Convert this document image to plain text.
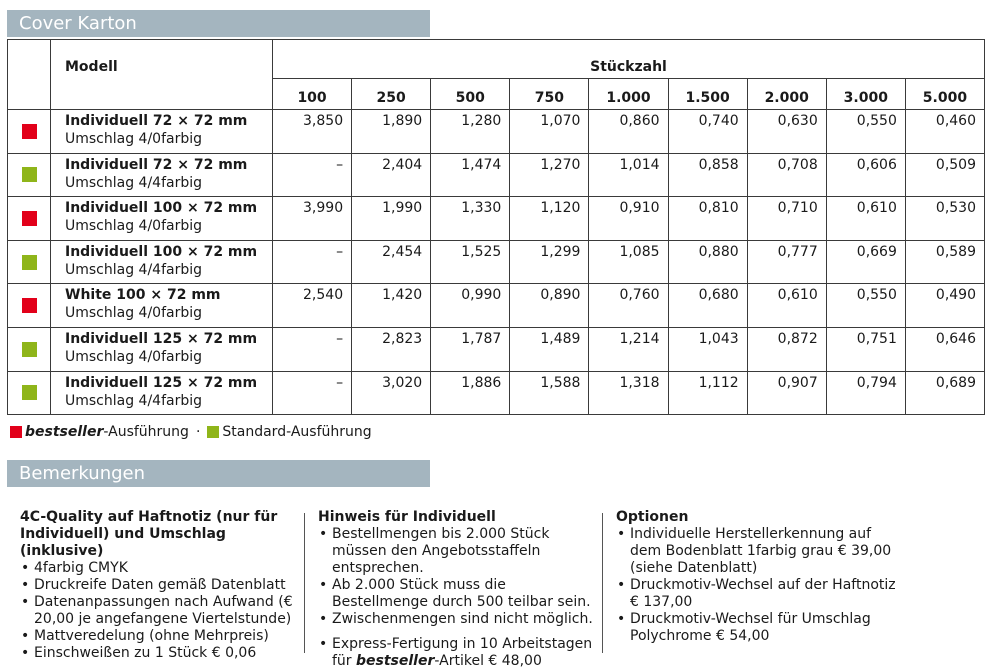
Cover Karton
	Modell	Stückzahl								
		100	250	500	750	1.000	1.500	2.000	3.000	5.000

	Individuell 72 × 72 mm
Umschlag 4/0farbig	3,850	1,890	1,280	1,070	0,860	0,740	0,630	0,550	0,460

	Individuell 72 × 72 mm
Umschlag 4/4farbig	–	2,404	1,474	1,270	1,014	0,858	0,708	0,606	0,509

	Individuell 100 × 72 mm
Umschlag 4/0farbig	3,990	1,990	1,330	1,120	0,910	0,810	0,710	0,610	0,530

	Individuell 100 × 72 mm
Umschlag 4/4farbig	–	2,454	1,525	1,299	1,085	0,880	0,777	0,669	0,589

	White 100 × 72 mm
Umschlag 4/0farbig	2,540	1,420	0,990	0,890	0,760	0,680	0,610	0,550	0,490

	Individuell 125 × 72 mm
Umschlag 4/0farbig	–	2,823	1,787	1,489	1,214	1,043	0,872	0,751	0,646

	Individuell 125 × 72 mm
Umschlag 4/4farbig	–	3,020	1,886	1,588	1,318	1,112	0,907	0,794	0,689
bestseller -Ausführung · Standard-Ausführung
Bemerkungen
4C-Quality auf Haftnotiz (nur für Individuell) und Umschlag (inklusive)
• 4farbig CMYK
• Druckreife Daten gemäß Datenblatt
• Datenanpassungen nach Aufwand (€ 20,00 je angefangene Viertelstunde)
• Mattveredelung (ohne Mehrpreis)
• Einschweißen zu 1 Stück € 0,06
Hinweis für Individuell
• Bestellmengen bis 2.000 Stück müssen den Angebotsstaffeln entsprechen.
• Ab 2.000 Stück muss die Bestellmenge durch 500 teilbar sein.
• Zwischenmengen sind nicht möglich.
• Express-Fertigung in 10 Arbeitstagen für bestseller-Artikel € 48,00
Optionen
• Individuelle Herstellerkennung auf dem Bodenblatt 1farbig grau € 39,00 (siehe Datenblatt)
• Druckmotiv-Wechsel auf der Haftnotiz € 137,00
• Druckmotiv-Wechsel für Umschlag Polychrome € 54,00
